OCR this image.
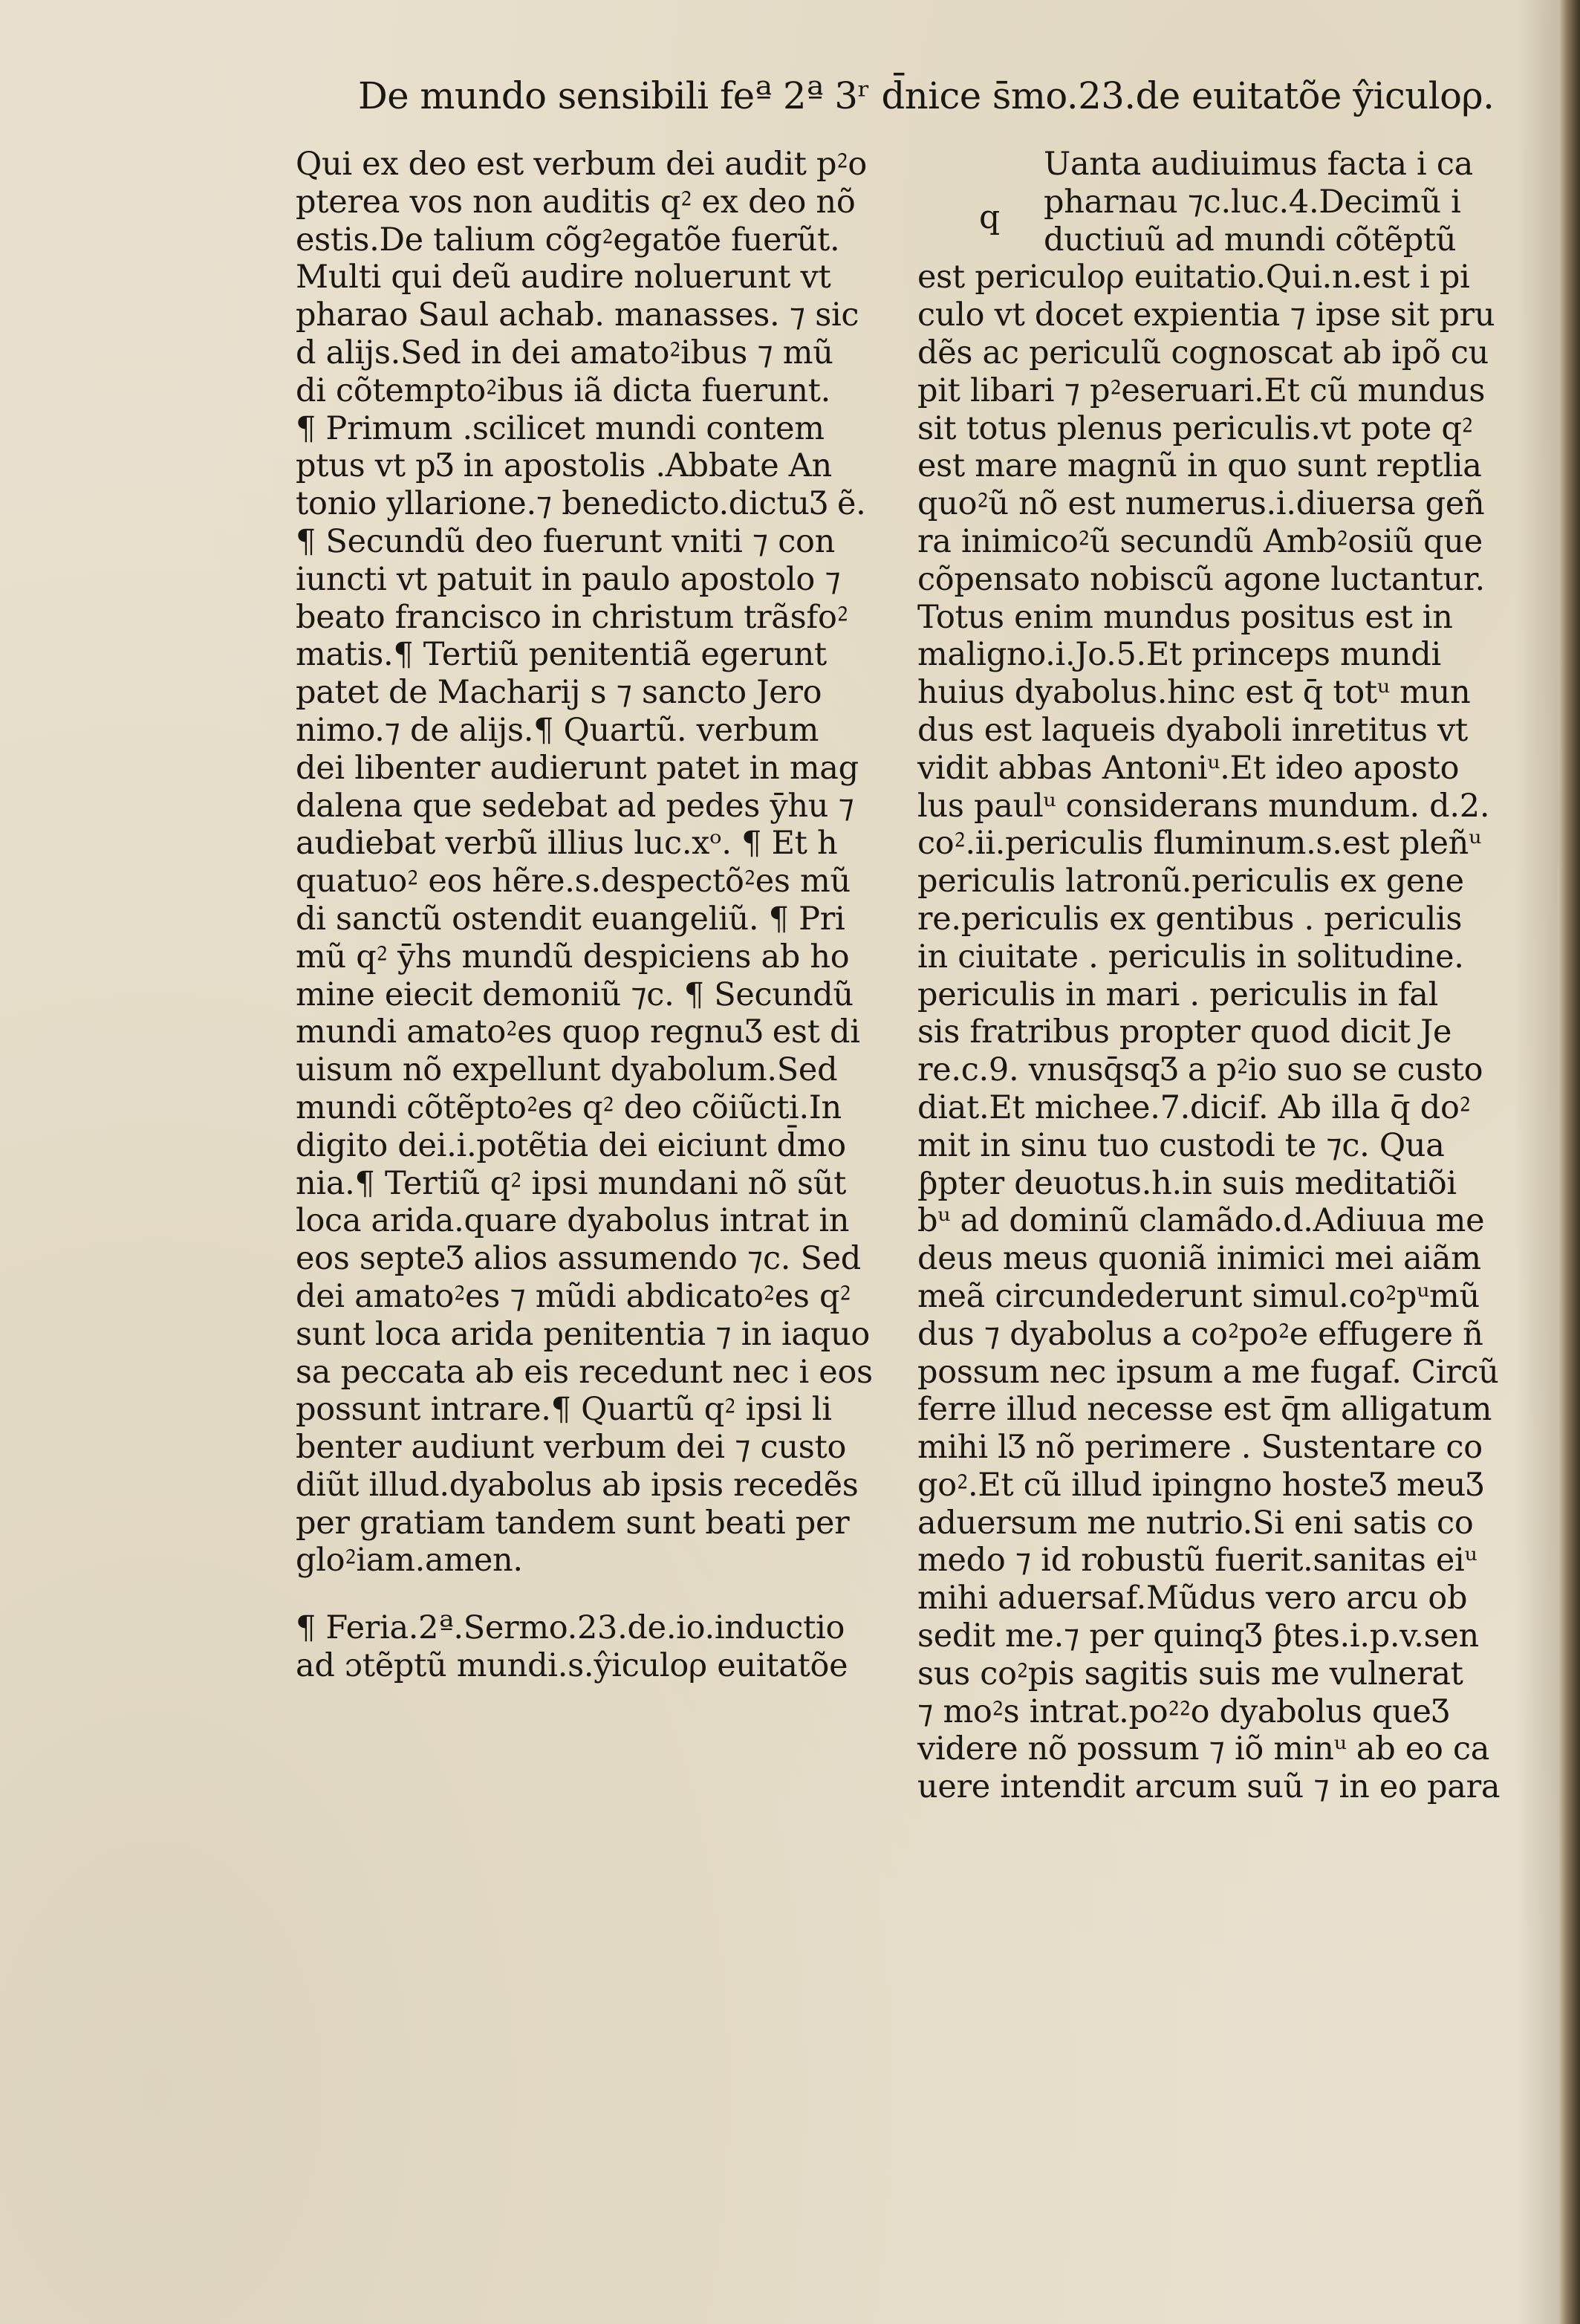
De mundo sensibili feª 2ª 3ʳ d̄nice s̄mo.23.de euitatõe ŷiculoρ.
Qui ex deo est verbum dei audit p⁲o
pterea vos non auditis q⁲ ex deo nõ
estis.De talium cõg⁲egatõe fuerũt.
Multi qui deũ audire noluerunt vt
pharao Saul achab. manasses. ⁊ sic
d alijs.Sed in dei amato⁲ibus ⁊ mũ
di cõtempto⁲ibus iã dicta fuerunt.
¶ Primum .scilicet mundi contem
ptus vt pƷ in apostolis .Abbate An
tonio yllarione.⁊ benedicto.dictuƷ ẽ.
¶ Secundũ deo fuerunt vniti ⁊ con
iuncti vt patuit in paulo apostolo ⁊
beato francisco in christum trãsfo⁲
matis.¶ Tertiũ penitentiã egerunt
patet de Macharij s ⁊ sancto Jero
nimo.⁊ de alijs.¶ Quartũ. verbum
dei libenter audierunt patet in mag
dalena que sedebat ad pedes ȳhu ⁊
audiebat verbũ illius luc.xᵒ. ¶ Et h
quatuo⁲ eos hẽre.s.despectõ⁲es mũ
di sanctũ ostendit euangeliũ. ¶ Pri
mũ q⁲ ȳhs mundũ despiciens ab ho
mine eiecit demoniũ ⁊c. ¶ Secundũ
mundi amato⁲es quoρ regnuƷ est di
uisum nõ expellunt dyabolum.Sed
mundi cõtẽpto⁲es q⁲ deo cõiũcti.In
digito dei.i.potẽtia dei eiciunt d̄mo
nia.¶ Tertiũ q⁲ ipsi mundani nõ sũt
loca arida.quare dyabolus intrat in
eos septeƷ alios assumendo ⁊c. Sed
dei amato⁲es ⁊ mũdi abdicato⁲es q⁲
sunt loca arida penitentia ⁊ in iaquo
sa peccata ab eis recedunt nec i eos
possunt intrare.¶ Quartũ q⁲ ipsi li
benter audiunt verbum dei ⁊ custo
diũt illud.dyabolus ab ipsis recedẽs
per gratiam tandem sunt beati per
glo⁲iam.amen.
¶ Feria.2ª.Sermo.23.de.io.inductio
ad ɔtẽptũ mundi.s.ŷiculoρ euitatõe
q
Uanta audiuimus facta i ca
pharnau ⁊c.luc.4.Decimũ i
ductiuũ ad mundi cõtẽptũ
est periculoρ euitatio.Qui.n.est i pi
culo vt docet expientia ⁊ ipse sit pru
dẽs ac periculũ cognoscat ab ipõ cu
pit libari ⁊ p⁲eseruari.Et cũ mundus
sit totus plenus periculis.vt pote q⁲
est mare magnũ in quo sunt reptlia
quo⁲ũ nõ est numerus.i.diuersa geñ
ra inimico⁲ũ secundũ Amb⁲osiũ que
cõpensato nobiscũ agone luctantur.
Totus enim mundus positus est in
maligno.i.Jo.5.Et princeps mundi
huius dyabolus.hinc est q̄ totᵘ mun
dus est laqueis dyaboli inretitus vt
vidit abbas Antoniᵘ.Et ideo aposto
lus paulᵘ considerans mundum. d.2.
co⁲.ii.periculis fluminum.s.est pleñᵘ
periculis latronũ.periculis ex gene
re.periculis ex gentibus . periculis
in ciuitate . periculis in solitudine.
periculis in mari . periculis in fal
sis fratribus propter quod dicit Je
re.c.9. vnusq̄sqƷ a p⁲io suo se custo
diat.Et michee.7.dicif. Ab illa q̄ do⁲
mit in sinu tuo custodi te ⁊c. Qua
ƥpter deuotus.h.in suis meditatiõi
bᵘ ad dominũ clamãdo.d.Adiuua me
deus meus quoniã inimici mei aiãm
meã circundederunt simul.co⁲pᵘmũ
dus ⁊ dyabolus a co⁲po⁲e effugere ñ
possum nec ipsum a me fugaf. Circũ
ferre illud necesse est q̄m alligatum
mihi lƷ nõ perimere . Sustentare co
go⁲.Et cũ illud ipingno hosteƷ meuƷ
aduersum me nutrio.Si eni satis co
medo ⁊ id robustũ fuerit.sanitas eiᵘ
mihi aduersaf.Mũdus vero arcu ob
sedit me.⁊ per quinqƷ ƥtes.i.p.v.sen
sus co⁲pis sagitis suis me vulnerat
⁊ mo⁲s intrat.po⁲⁲o dyabolus queƷ
videre nõ possum ⁊ iõ minᵘ ab eo ca
uere intendit arcum suũ ⁊ in eo para
